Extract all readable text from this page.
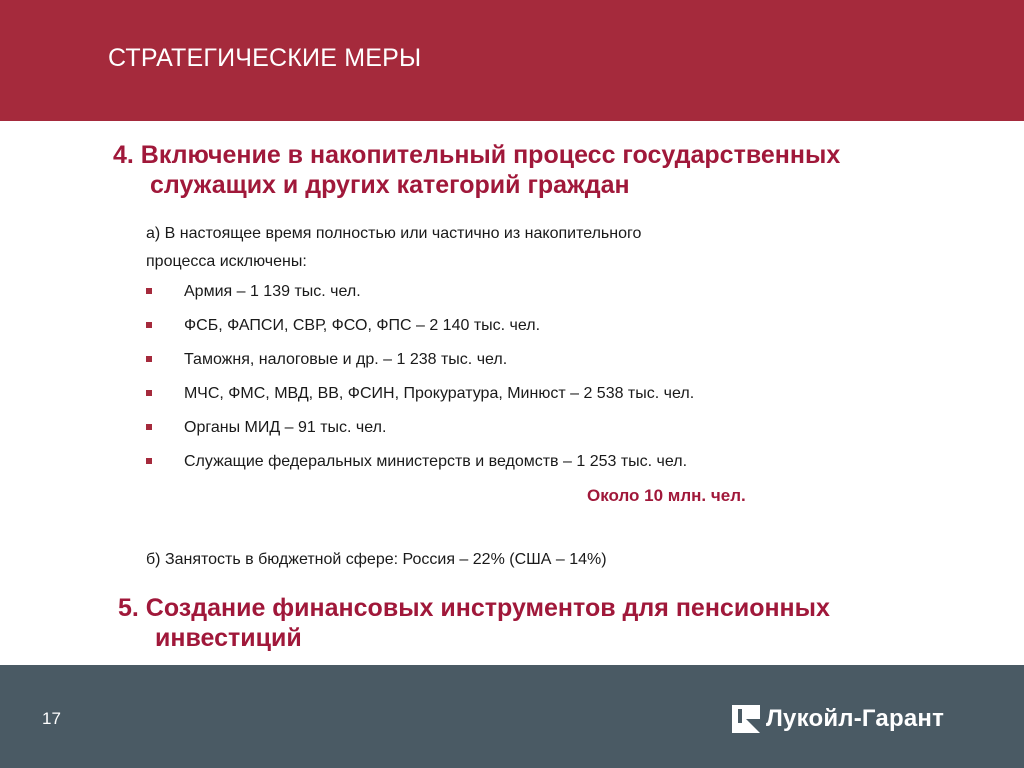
СТРАТЕГИЧЕСКИЕ МЕРЫ
4. Включение в накопительный процесс государственных
служащих и других категорий граждан
а) В настоящее время полностью или частично из накопительного
процесса исключены:
Армия – 1 139 тыс. чел.
ФСБ, ФАПСИ, СВР, ФСО, ФПС – 2 140 тыс. чел.
Таможня, налоговые и др. – 1 238 тыс. чел.
МЧС, ФМС, МВД, ВВ, ФСИН, Прокуратура, Минюст – 2 538 тыс. чел.
Органы МИД – 91 тыс. чел.
Служащие федеральных министерств и ведомств – 1 253 тыс. чел.
Около 10 млн. чел.
б) Занятость в бюджетной сфере: Россия – 22% (США – 14%)
5. Создание финансовых инструментов для пенсионных
инвестиций
17	Лукойл-Гарант
